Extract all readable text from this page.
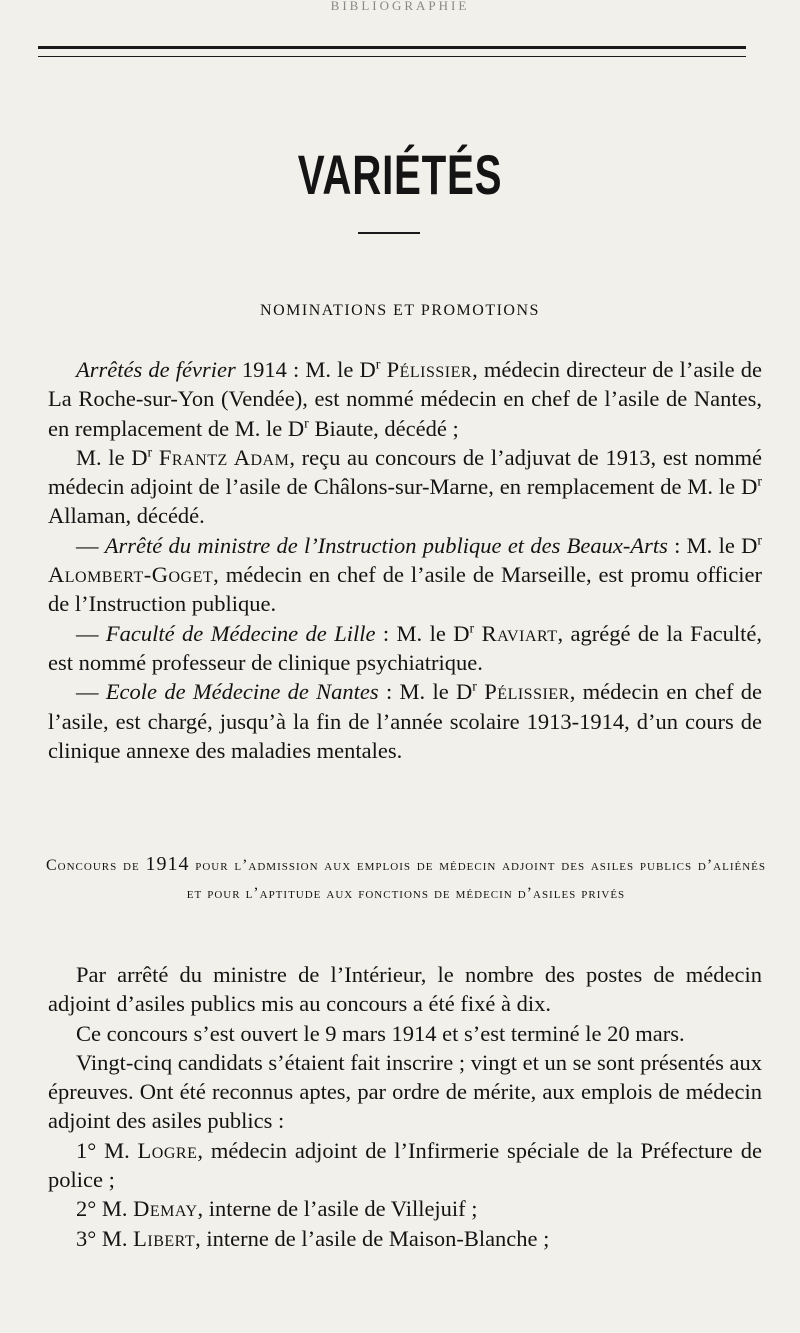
BIBLIOGRAPHIE
VARIÉTÉS
NOMINATIONS ET PROMOTIONS

Arrêtés de février 1914 : M. le $D^r$ Pélissier, médecin directeur de l’asile de La Roche-sur-Yon (Vendée), est nommé médecin en chef de l’asile de Nantes, en remplacement de M. le $D^r$ Biaute, décédé ;

M. le $D^r$ Frantz Adam, reçu au concours de l’adjuvat de 1913, est nommé médecin adjoint de l’asile de Châlons-sur-Marne, en remplacement de M. le $D^r$ Allaman, décédé.

— Arrêté du ministre de l’Instruction publique et des Beaux-Arts : M. le $D^r$ Alombert-Goget, médecin en chef de l’asile de Marseille, est promu officier de l’Instruction publique.

— Faculté de Médecine de Lille : M. le $D^r$ Raviart, agrégé de la Faculté, est nommé professeur de clinique psychiatrique.

— Ecole de Médecine de Nantes : M. le $D^r$ Pélissier, médecin en chef de l’asile, est chargé, jusqu’à la fin de l’année scolaire 1913-1914, d’un cours de clinique annexe des maladies mentales.

Concours de 1914 pour l’admission aux emplois de médecin adjoint des asiles publics d’aliénés et pour l’aptitude aux fonctions de médecin d’asiles privés

Par arrêté du ministre de l’Intérieur, le nombre des postes de médecin adjoint d’asiles publics mis au concours a été fixé à dix.

Ce concours s’est ouvert le 9 mars 1914 et s’est terminé le 20 mars.

Vingt-cinq candidats s’étaient fait inscrire ; vingt et un se sont présentés aux épreuves. Ont été reconnus aptes, par ordre de mérite, aux emplois de médecin adjoint des asiles publics :

1° M. Logre, médecin adjoint de l’Infirmerie spéciale de la Préfecture de police ;

2° M. Demay, interne de l’asile de Villejuif ;

3° M. Libert, interne de l’asile de Maison-Blanche ;
